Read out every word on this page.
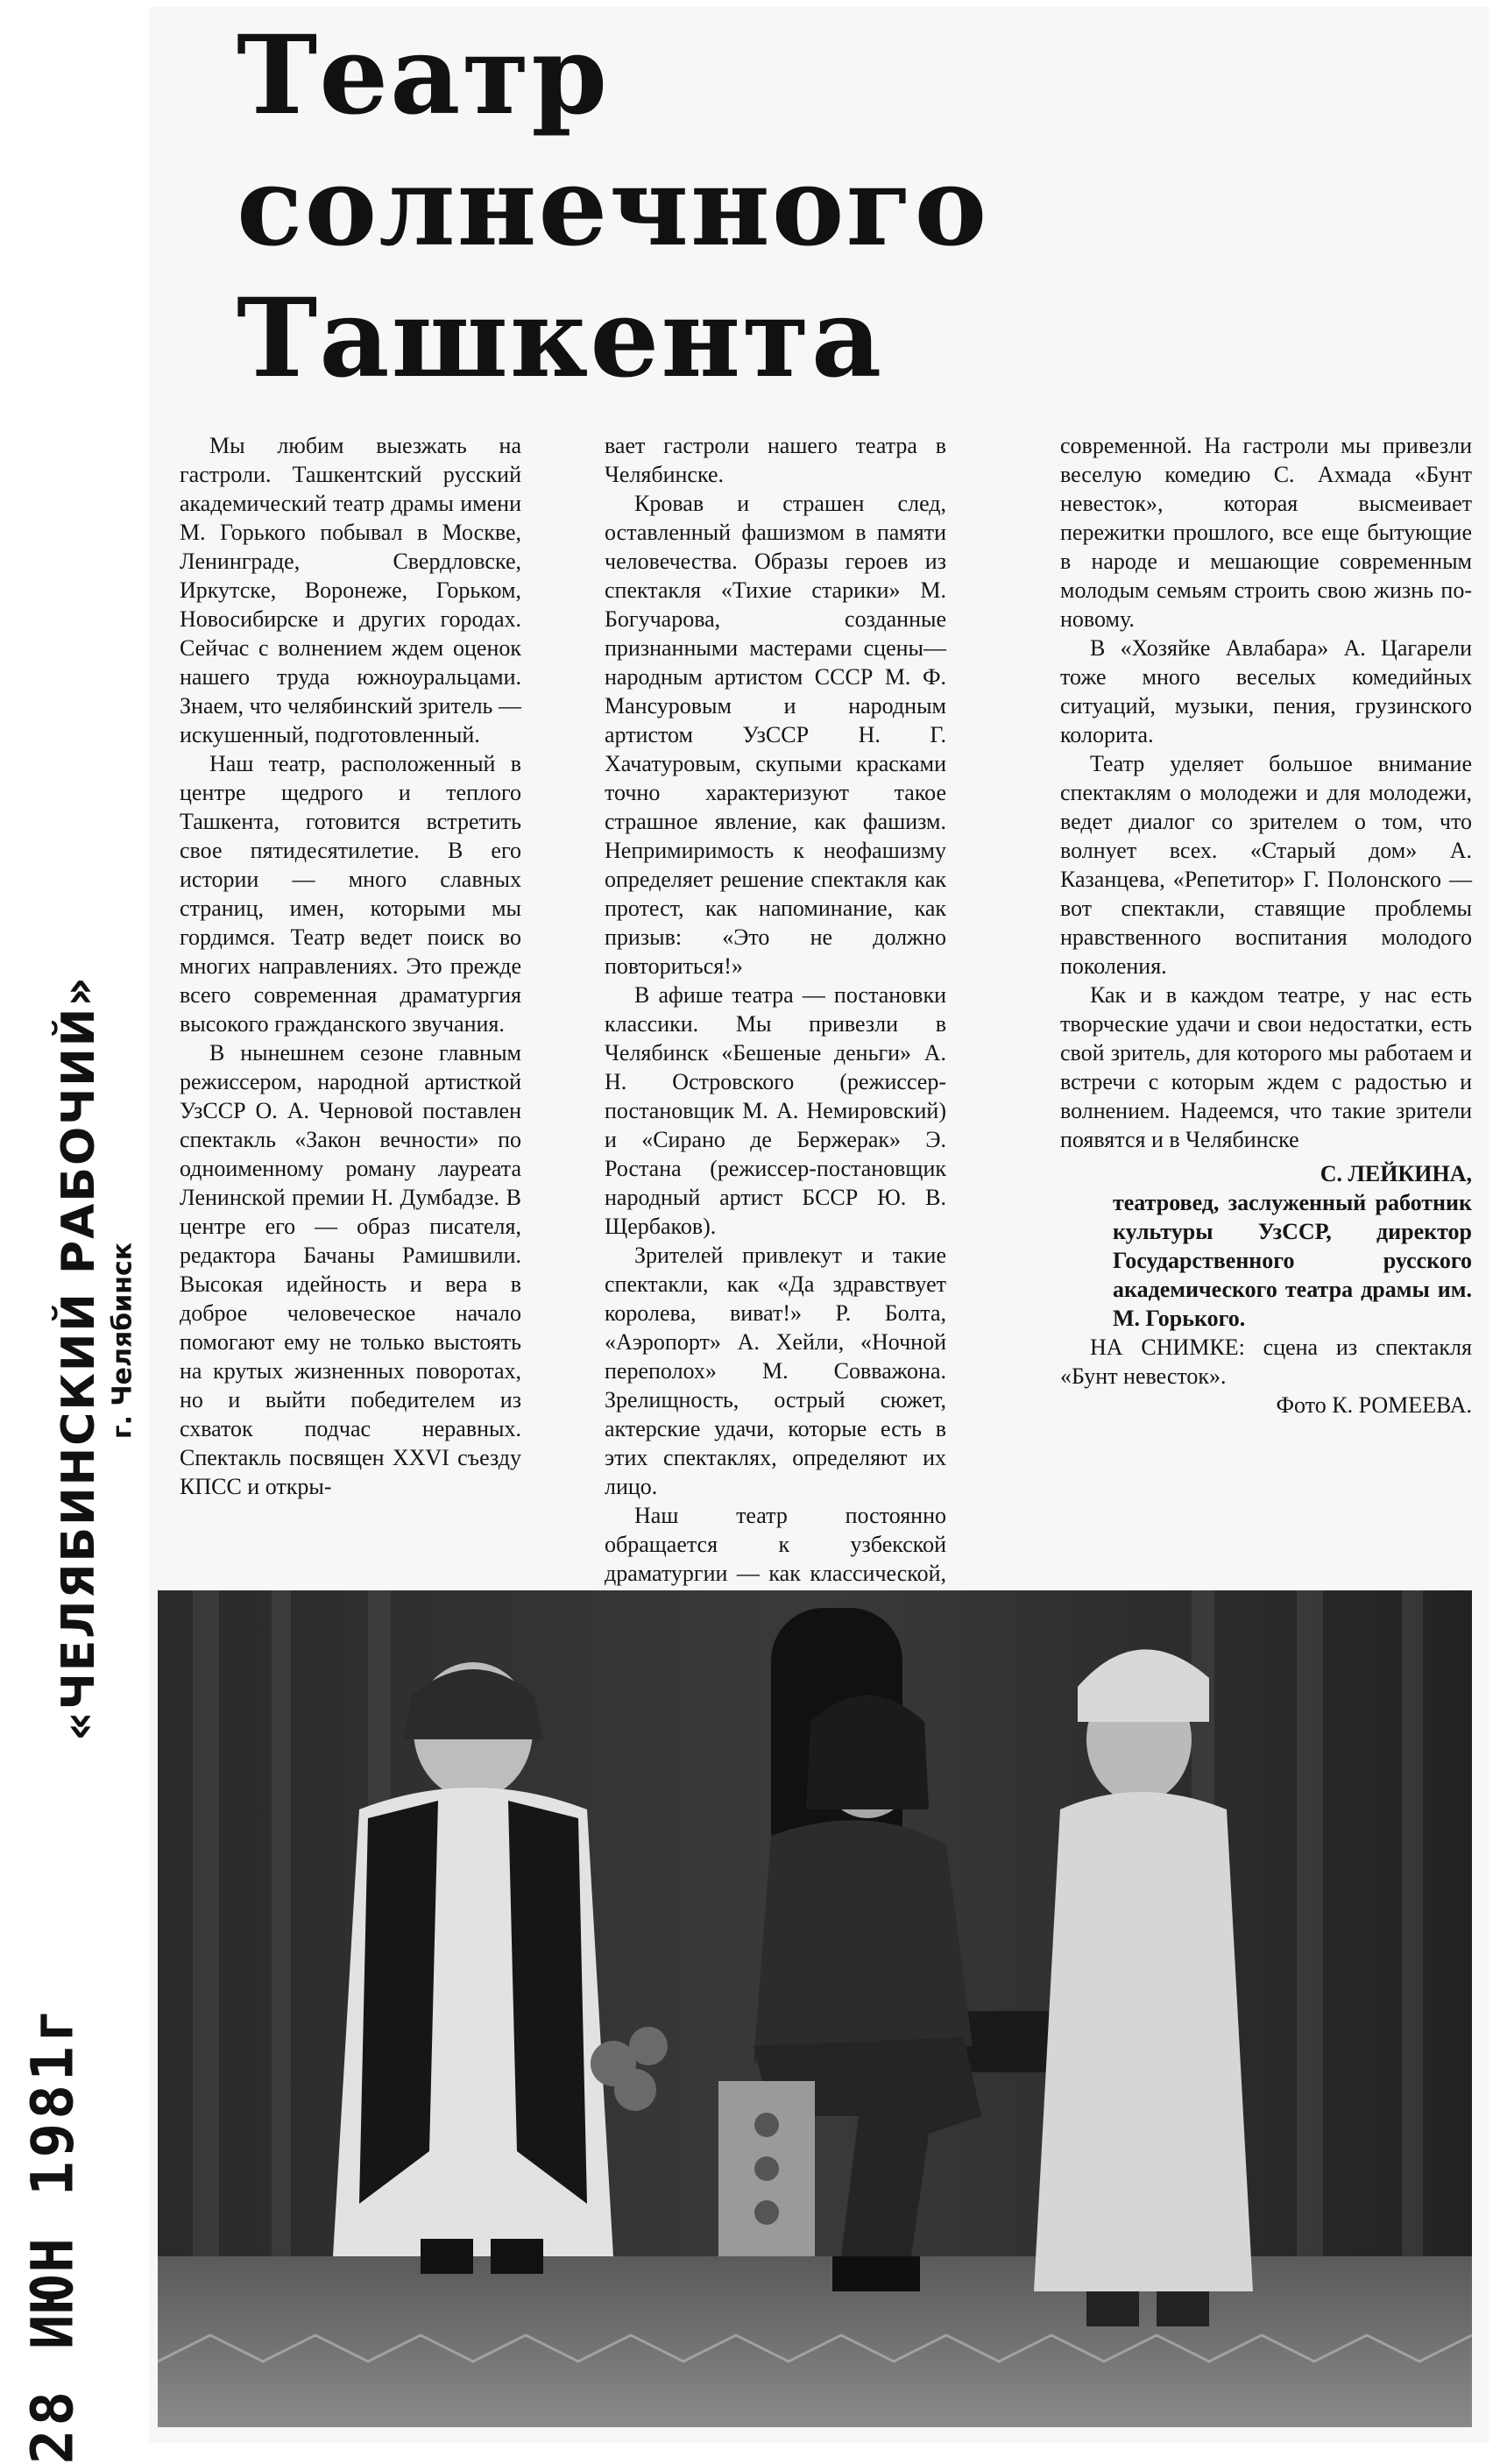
Театр
солнечного
Ташкента
«ЧЕЛЯБИНСКИЙ РАБОЧИЙ» г. Челябинск
28 ИЮН 1981г

Мы любим выезжать на гастроли. Ташкентский русский академический театр драмы имени М. Горького побывал в Москве, Ленинграде, Свердловске, Иркутске, Воронеже, Горьком, Новосибирске и других городах. Сейчас с волнением ждем оценок нашего труда южноуральцами. Знаем, что челябинский зритель — искушенный, подготовленный.

Наш театр, расположенный в центре щедрого и теплого Ташкента, готовится встретить свое пятидесятилетие. В его истории — много славных страниц, имен, которыми мы гордимся. Театр ведет поиск во многих направлениях. Это прежде всего современная драматургия высокого гражданского звучания.

В нынешнем сезоне главным режиссером, народной артисткой УзССР О. А. Черновой поставлен спектакль «Закон вечности» по одноименному роману лауреата Ленинской премии Н. Думбадзе. В центре его — образ писателя, редактора Бачаны Рамишвили. Высокая идейность и вера в доброе человеческое начало помогают ему не только выстоять на крутых жизненных поворотах, но и выйти победителем из схваток подчас неравных. Спектакль посвящен XXVI съезду КПСС и откры-

вает гастроли нашего театра в Челябинске.

Кровав и страшен след, оставленный фашизмом в памяти человечества. Образы героев из спектакля «Тихие старики» М. Богучарова, созданные признанными мастерами сцены—народным артистом СССР М. Ф. Мансуровым и народным артистом УзССР Н. Г. Хачатуровым, скупыми красками точно характеризуют такое страшное явление, как фашизм. Непримиримость к неофашизму определяет решение спектакля как протест, как напоминание, как призыв: «Это не должно повториться!»

В афише театра — постановки классики. Мы привезли в Челябинск «Бешеные деньги» А. Н. Островского (режиссер-постановщик М. А. Немировский) и «Сирано де Бержерак» Э. Ростана (режиссер-постановщик народный артист БССР Ю. В. Щербаков).

Зрителей привлекут и такие спектакли, как «Да здравствует королева, виват!» Р. Болта, «Аэропорт» А. Хейли, «Ночной переполох» М. Совважона. Зрелищность, острый сюжет, актерские удачи, которые есть в этих спектаклях, определяют их лицо.

Наш театр постоянно обращается к узбекской драматургии — как классической,

современной. На гастроли мы привезли веселую комедию С. Ахмада «Бунт невесток», которая высмеивает пережитки прошлого, все еще бытующие в народе и мешающие современным молодым семьям строить свою жизнь по-новому.

В «Хозяйке Авлабара» А. Цагарели тоже много веселых комедийных ситуаций, музыки, пения, грузинского колорита.

Театр уделяет большое внимание спектаклям о молодежи и для молодежи, ведет диалог со зрителем о том, что волнует всех. «Старый дом» А. Казанцева, «Репетитор» Г. Полонского — вот спектакли, ставящие проблемы нравственного воспитания молодого поколения.

Как и в каждом театре, у нас есть творческие удачи и свои недостатки, есть свой зритель, для которого мы работаем и встречи с которым ждем с радостью и волнением. Надеемся, что такие зрители появятся и в Челябинске

С. ЛЕЙКИНА,
театровед, заслуженный работник культуры УзССР, директор Государственного русского академического театра драмы им. М. Горького.

НА СНИМКЕ: сцена из спектакля «Бунт невесток».

Фото К. РОМЕЕВА.
